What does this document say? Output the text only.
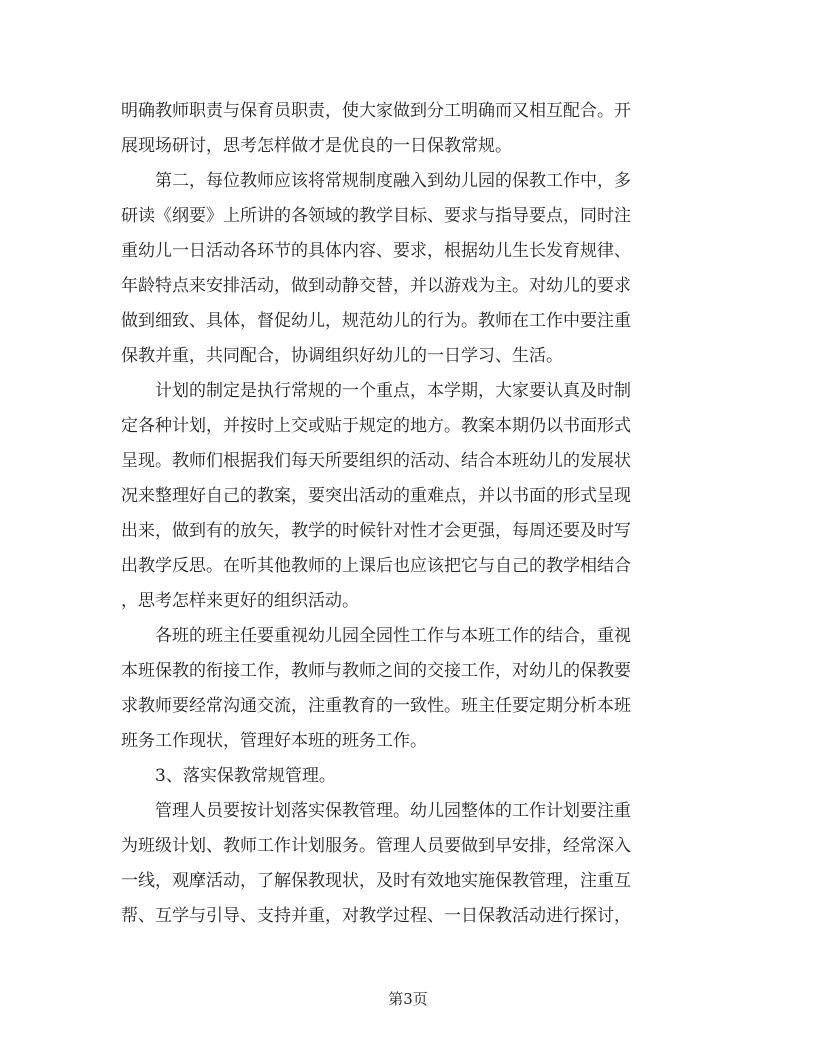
明确教师职责与保育员职责，使大家做到分工明确而又相互配合。开
展现场研讨，思考怎样做才是优良的一日保教常规。
第二，每位教师应该将常规制度融入到幼儿园的保教工作中，多
研读《纲要》上所讲的各领域的教学目标、要求与指导要点，同时注
重幼儿一日活动各环节的具体内容、要求，根据幼儿生长发育规律、
年龄特点来安排活动，做到动静交替，并以游戏为主。对幼儿的要求
做到细致、具体，督促幼儿，规范幼儿的行为。教师在工作中要注重
保教并重，共同配合，协调组织好幼儿的一日学习、生活。
计划的制定是执行常规的一个重点，本学期，大家要认真及时制
定各种计划，并按时上交或贴于规定的地方。教案本期仍以书面形式
呈现。教师们根据我们每天所要组织的活动、结合本班幼儿的发展状
况来整理好自己的教案，要突出活动的重难点，并以书面的形式呈现
出来，做到有的放矢，教学的时候针对性才会更强，每周还要及时写
出教学反思。在听其他教师的上课后也应该把它与自己的教学相结合
，思考怎样来更好的组织活动。
各班的班主任要重视幼儿园全园性工作与本班工作的结合，重视
本班保教的衔接工作，教师与教师之间的交接工作，对幼儿的保教要
求教师要经常沟通交流，注重教育的一致性。班主任要定期分析本班
班务工作现状，管理好本班的班务工作。
3、落实保教常规管理。
管理人员要按计划落实保教管理。幼儿园整体的工作计划要注重
为班级计划、教师工作计划服务。管理人员要做到早安排，经常深入
一线，观摩活动，了解保教现状，及时有效地实施保教管理，注重互
帮、互学与引导、支持并重，对教学过程、一日保教活动进行探讨，
第3页
